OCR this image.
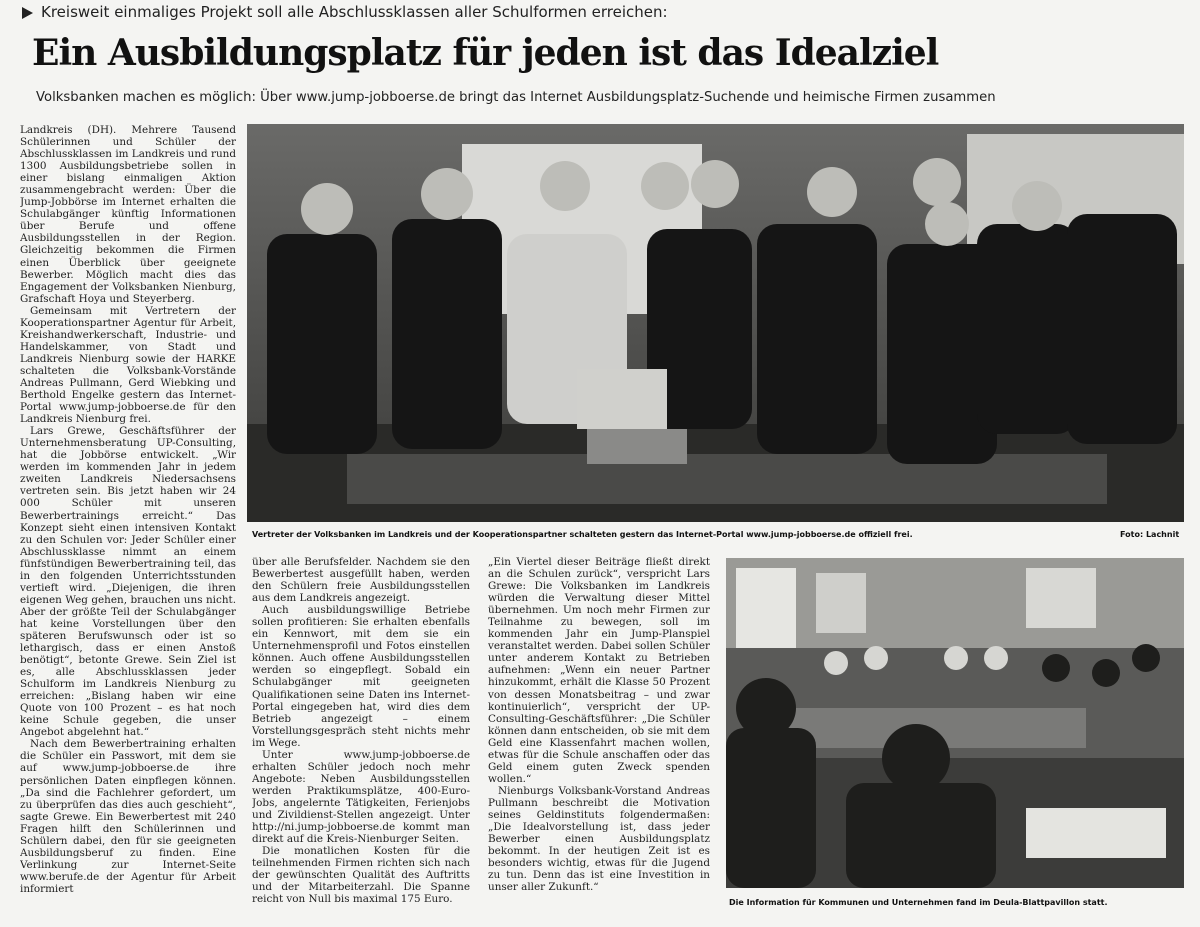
Kreisweit einmaliges Projekt soll alle Abschlussklassen aller Schulformen erreichen:
Ein Ausbildungsplatz für jeden ist das Idealziel
Volksbanken machen es möglich: Über www.jump-jobboerse.de bringt das Internet Ausbildungsplatz-Suchende und heimische Firmen zusammen

Landkreis (DH). Mehrere Tausend Schülerinnen und Schüler der Abschlussklassen im Landkreis und rund 1300 Ausbildungsbetriebe sollen in einer bislang einmaligen Aktion zusammengebracht werden: Über die Jump-Jobbörse im Internet erhalten die Schulabgänger künftig Informationen über Berufe und offene Ausbildungsstellen in der Region. Gleichzeitig bekommen die Firmen einen Überblick über geeignete Bewerber. Möglich macht dies das Engagement der Volksbanken Nienburg, Grafschaft Hoya und Steyerberg.

Gemeinsam mit Vertretern der Kooperationspartner Agentur für Arbeit, Kreishandwerkerschaft, Industrie- und Handelskammer, von Stadt und Landkreis Nienburg sowie der HARKE schalteten die Volksbank-Vorstände Andreas Pullmann, Gerd Wiebking und Berthold Engelke gestern das Internet-Portal www.jump-jobboerse.de für den Landkreis Nienburg frei.

Lars Grewe, Geschäftsführer der Unternehmensberatung UP-Consulting, hat die Jobbörse entwickelt. „Wir werden im kommenden Jahr in jedem zweiten Landkreis Niedersachsens vertreten sein. Bis jetzt haben wir 24 000 Schüler mit unseren Bewerbertrainings erreicht.“ Das Konzept sieht einen intensiven Kontakt zu den Schulen vor: Jeder Schüler einer Abschlussklasse nimmt an einem fünfstündigen Bewerbertraining teil, das in den folgenden Unterrichtsstunden vertieft wird. „Diejenigen, die ihren eigenen Weg gehen, brauchen uns nicht. Aber der größte Teil der Schulabgänger hat keine Vorstellungen über den späteren Berufswunsch oder ist so lethargisch, dass er einen Anstoß benötigt“, betonte Grewe. Sein Ziel ist es, alle Abschlussklassen jeder Schulform im Landkreis Nienburg zu erreichen: „Bislang haben wir eine Quote von 100 Prozent – es hat noch keine Schule gegeben, die unser Angebot abgelehnt hat.“

Nach dem Bewerbertraining erhalten die Schüler ein Passwort, mit dem sie auf www.jump-jobboerse.de ihre persönlichen Daten einpflegen können. „Da sind die Fachlehrer gefordert, um zu überprüfen das dies auch geschieht“, sagte Grewe. Ein Bewerbertest mit 240 Fragen hilft den Schülerinnen und Schülern dabei, den für sie geeigneten Ausbildungsberuf zu finden. Eine Verlinkung zur Internet-Seite www.berufe.de der Agentur für Arbeit informiert

Vertreter der Volksbanken im Landkreis und der Kooperationspartner schalteten gestern das Internet-Portal www.jump-jobboerse.de offiziell frei.	Foto: Lachnit

über alle Berufsfelder. Nachdem sie den Bewerbertest ausgefüllt haben, werden den Schülern freie Ausbildungsstellen aus dem Landkreis angezeigt.

Auch ausbildungswillige Betriebe sollen profitieren: Sie erhalten ebenfalls ein Kennwort, mit dem sie ein Unternehmensprofil und Fotos einstellen können. Auch offene Ausbildungsstellen werden so eingepflegt. Sobald ein Schulabgänger mit geeigneten Qualifikationen seine Daten ins Internet-Portal eingegeben hat, wird dies dem Betrieb angezeigt – einem Vorstellungsgespräch steht nichts mehr im Wege.

Unter www.jump-jobboerse.de erhalten Schüler jedoch noch mehr Angebote: Neben Ausbildungsstellen werden Praktikumsplätze, 400-Euro-Jobs, angelernte Tätigkeiten, Ferienjobs und Zivildienst-Stellen angezeigt. Unter http://ni.jump-jobboerse.de kommt man direkt auf die Kreis-Nienburger Seiten.

Die monatlichen Kosten für die teilnehmenden Firmen richten sich nach der gewünschten Qualität des Auftritts und der Mitarbeiterzahl. Die Spanne reicht von Null bis maximal 175 Euro.

„Ein Viertel dieser Beiträge fließt direkt an die Schulen zurück“, verspricht Lars Grewe: Die Volksbanken im Landkreis würden die Verwaltung dieser Mittel übernehmen. Um noch mehr Firmen zur Teilnahme zu bewegen, soll im kommenden Jahr ein Jump-Planspiel veranstaltet werden. Dabei sollen Schüler unter anderem Kontakt zu Betrieben aufnehmen: „Wenn ein neuer Partner hinzukommt, erhält die Klasse 50 Prozent von dessen Monatsbeitrag – und zwar kontinuierlich“, verspricht der UP-Consulting-Geschäftsführer: „Die Schüler können dann entscheiden, ob sie mit dem Geld eine Klassenfahrt machen wollen, etwas für die Schule anschaffen oder das Geld einem guten Zweck spenden wollen.“

Nienburgs Volksbank-Vorstand Andreas Pullmann beschreibt die Motivation seines Geldinstituts folgendermaßen: „Die Idealvorstellung ist, dass jeder Bewerber einen Ausbildungsplatz bekommt. In der heutigen Zeit ist es besonders wichtig, etwas für die Jugend zu tun. Denn das ist eine Investition in unser aller Zukunft.“

Die Information für Kommunen und Unternehmen fand im Deula-Blattpavillon statt.
